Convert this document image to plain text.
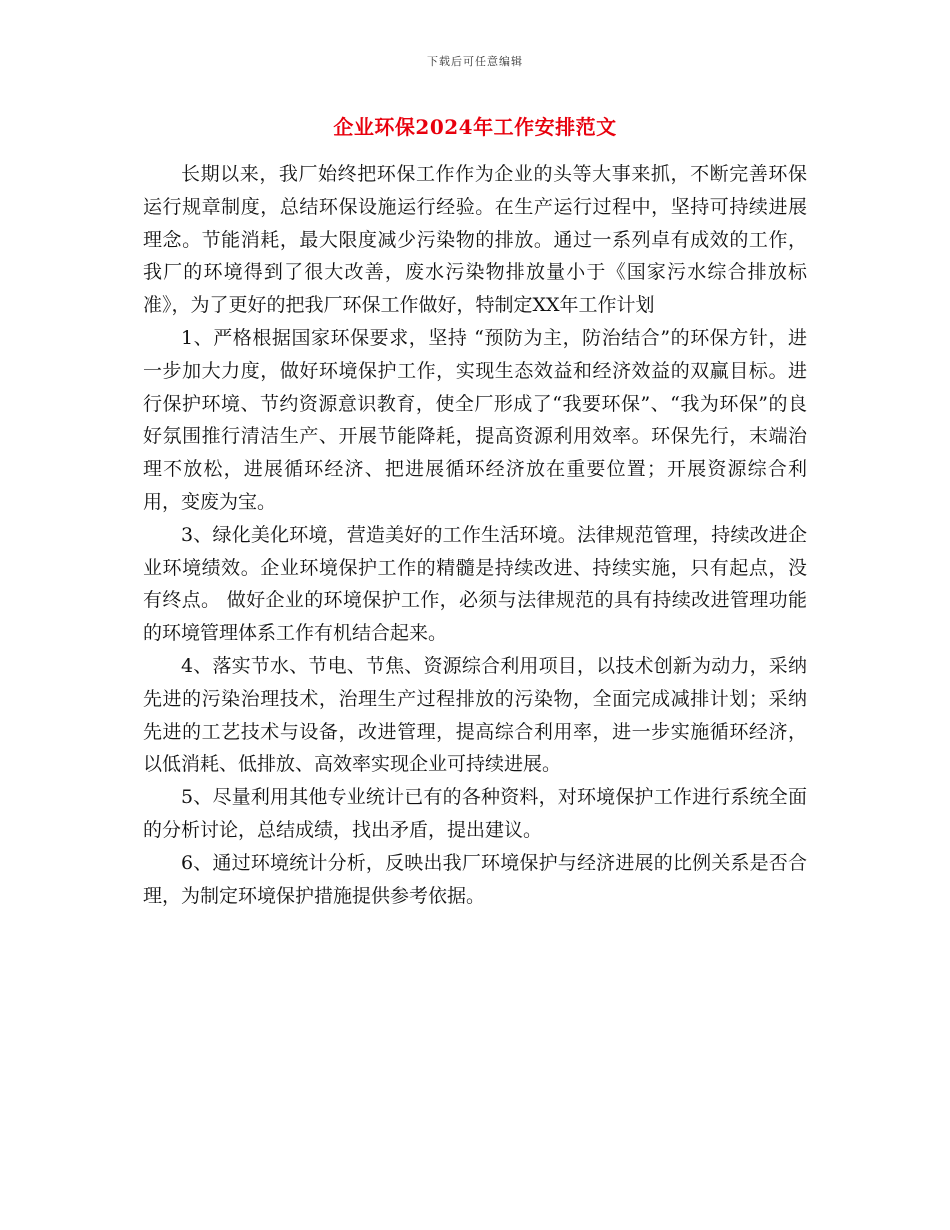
下载后可任意编辑
企业环保2024年工作安排范文

长期以来，我厂始终把环保工作作为企业的头等大事来抓，不断完善环保运行规章制度，总结环保设施运行经验。在生产运行过程中，坚持可持续进展理念。节能消耗，最大限度减少污染物的排放。通过一系列卓有成效的工作，我厂的环境得到了很大改善，废水污染物排放量小于《国家污水综合排放标准》，为了更好的把我厂环保工作做好，特制定XX年工作计划

1、严格根据国家环保要求，坚持 “预防为主，防治结合”的环保方针，进一步加大力度，做好环境保护工作，实现生态效益和经济效益的双赢目标。进行保护环境、节约资源意识教育，使全厂形成了“我要环保”、“我为环保”的良好氛围推行清洁生产、开展节能降耗，提高资源利用效率。环保先行，末端治理不放松，进展循环经济、把进展循环经济放在重要位置；开展资源综合利用，变废为宝。

3、绿化美化环境，营造美好的工作生活环境。法律规范管理，持续改进企业环境绩效。企业环境保护工作的精髓是持续改进、持续实施，只有起点，没有终点。 做好企业的环境保护工作，必须与法律规范的具有持续改进管理功能的环境管理体系工作有机结合起来。

4、落实节水、节电、节焦、资源综合利用项目，以技术创新为动力，采纳先进的污染治理技术，治理生产过程排放的污染物，全面完成减排计划；采纳先进的工艺技术与设备，改进管理，提高综合利用率，进一步实施循环经济，以低消耗、低排放、高效率实现企业可持续进展。

5、尽量利用其他专业统计已有的各种资料，对环境保护工作进行系统全面的分析讨论，总结成绩，找出矛盾，提出建议。

6、通过环境统计分析，反映出我厂环境保护与经济进展的比例关系是否合理，为制定环境保护措施提供参考依据。
